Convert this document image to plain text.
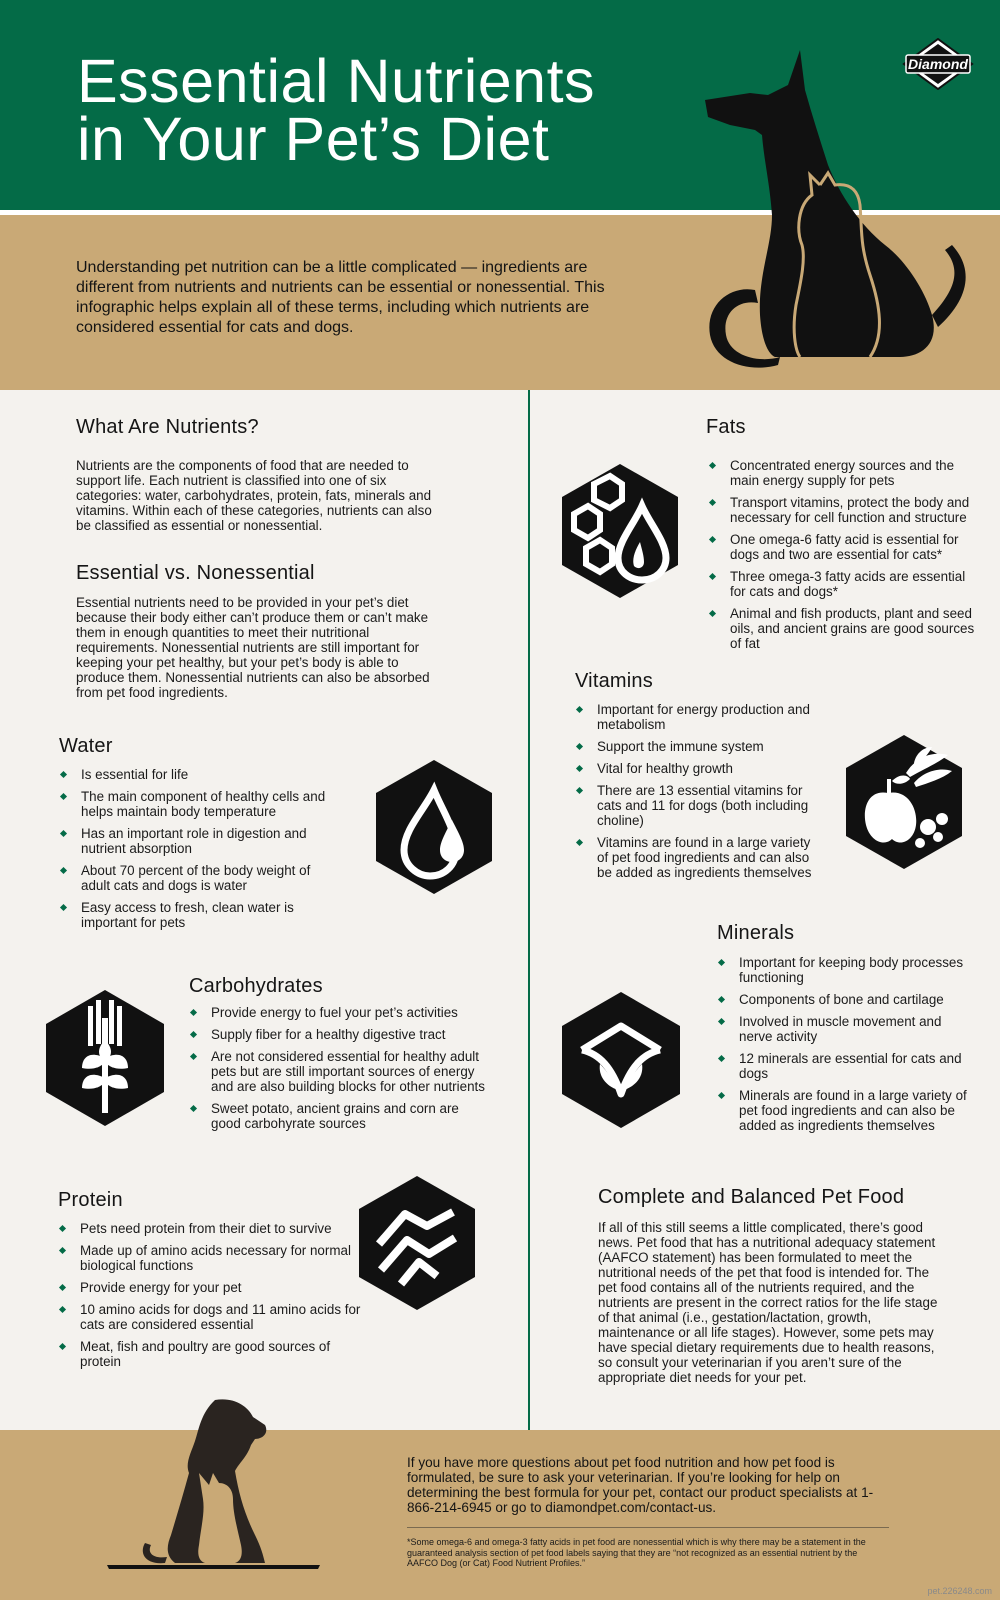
Essential Nutrients
in Your Pet’s Diet
Diamond

Understanding pet nutrition can be a little complicated — ingredients are different from nutrients and nutrients can be essential or nonessential. This infographic helps explain all of these terms, including which nutrients are considered essential for cats and dogs.

What Are Nutrients?

Nutrients are the components of food that are needed to support life. Each nutrient is classified into one of six categories: water, carbohydrates, protein, fats, minerals and vitamins. Within each of these categories, nutrients can also be classified as essential or nonessential.

Essential vs. Nonessential

Essential nutrients need to be provided in your pet’s diet because their body either can’t produce them or can’t make them in enough quantities to meet their nutritional requirements. Nonessential nutrients are still important for keeping your pet healthy, but your pet’s body is able to produce them. Nonessential nutrients can also be absorbed from pet food ingredients.

Water
Is essential for life
The main component of healthy cells and helps maintain body temperature
Has an important role in digestion and nutrient absorption
About 70 percent of the body weight of adult cats and dogs is water
Easy access to fresh, clean water is important for pets
Carbohydrates
Provide energy to fuel your pet’s activities
Supply fiber for a healthy digestive tract
Are not considered essential for healthy adult pets but are still important sources of energy and are also building blocks for other nutrients
Sweet potato, ancient grains and corn are good carbohyrate sources
Protein
Pets need protein from their diet to survive
Made up of amino acids necessary for normal biological functions
Provide energy for your pet
10 amino acids for dogs and 11 amino acids for cats are considered essential
Meat, fish and poultry are good sources of protein
Fats
Concentrated energy sources and the main energy supply for pets
Transport vitamins, protect the body and necessary for cell function and structure
One omega-6 fatty acid is essential for dogs and two are essential for cats*
Three omega-3 fatty acids are essential for cats and dogs*
Animal and fish products, plant and seed oils, and ancient grains are good sources of fat
Vitamins
Important for energy production and metabolism
Support the immune system
Vital for healthy growth
There are 13 essential vitamins for cats and 11 for dogs (both including choline)
Vitamins are found in a large variety of pet food ingredients and can also be added as ingredients themselves
Minerals
Important for keeping body processes functioning
Components of bone and cartilage
Involved in muscle movement and nerve activity
12 minerals are essential for cats and dogs
Minerals are found in a large variety of pet food ingredients and can also be added as ingredients themselves
Complete and Balanced Pet Food

If all of this still seems a little complicated, there’s good news. Pet food that has a nutritional adequacy statement (AAFCO statement) has been formulated to meet the nutritional needs of the pet that food is intended for. The pet food contains all of the nutrients required, and the nutrients are present in the correct ratios for the life stage of that animal (i.e., gestation/lactation, growth, maintenance or all life stages). However, some pets may have special dietary requirements due to health reasons, so consult your veterinarian if you aren’t sure of the appropriate diet needs for your pet.

If you have more questions about pet food nutrition and how pet food is formulated, be sure to ask your veterinarian. If you’re looking for help on determining the best formula for your pet, contact our product specialists at 1-866-214-6945 or go to diamondpet.com/contact-us.

*Some omega-6 and omega-3 fatty acids in pet food are nonessential which is why there may be a statement in the guaranteed analysis section of pet food labels saying that they are “not recognized as an essential nutrient by the AAFCO Dog (or Cat) Food Nutrient Profiles.”

pet.226248.com
